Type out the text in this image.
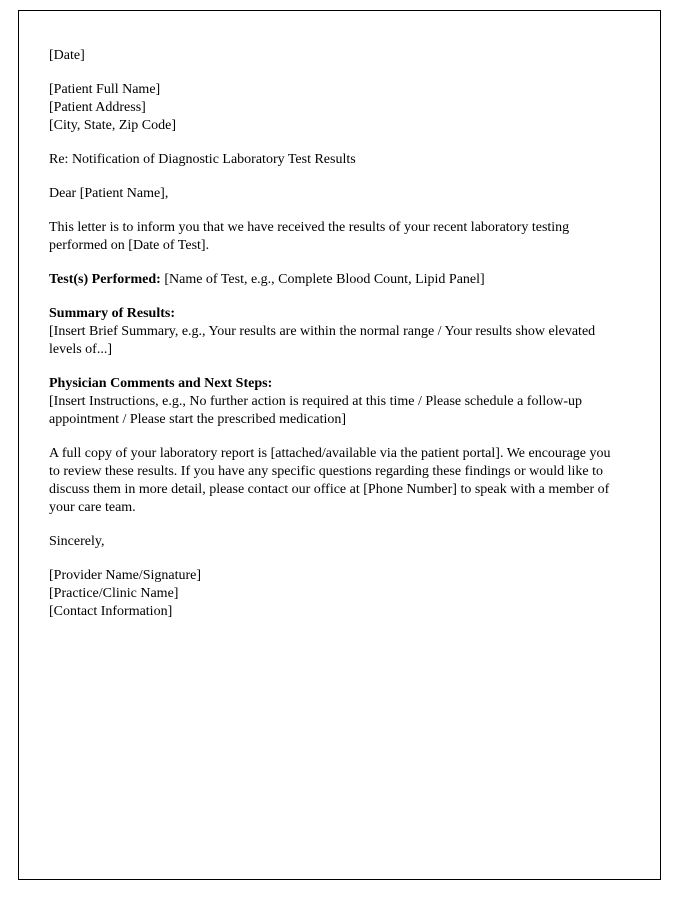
[Date]

[Patient Full Name]
[Patient Address]
[City, State, Zip Code]

Re: Notification of Diagnostic Laboratory Test Results

Dear [Patient Name],

This letter is to inform you that we have received the results of your recent laboratory testing performed on [Date of Test].

Test(s) Performed: [Name of Test, e.g., Complete Blood Count, Lipid Panel]

Summary of Results:
[Insert Brief Summary, e.g., Your results are within the normal range / Your results show elevated levels of...]

Physician Comments and Next Steps:
[Insert Instructions, e.g., No further action is required at this time / Please schedule a follow-up appointment / Please start the prescribed medication]

A full copy of your laboratory report is [attached/available via the patient portal]. We encourage you to review these results. If you have any specific questions regarding these findings or would like to discuss them in more detail, please contact our office at [Phone Number] to speak with a member of your care team.

Sincerely,

[Provider Name/Signature]
[Practice/Clinic Name]
[Contact Information]
